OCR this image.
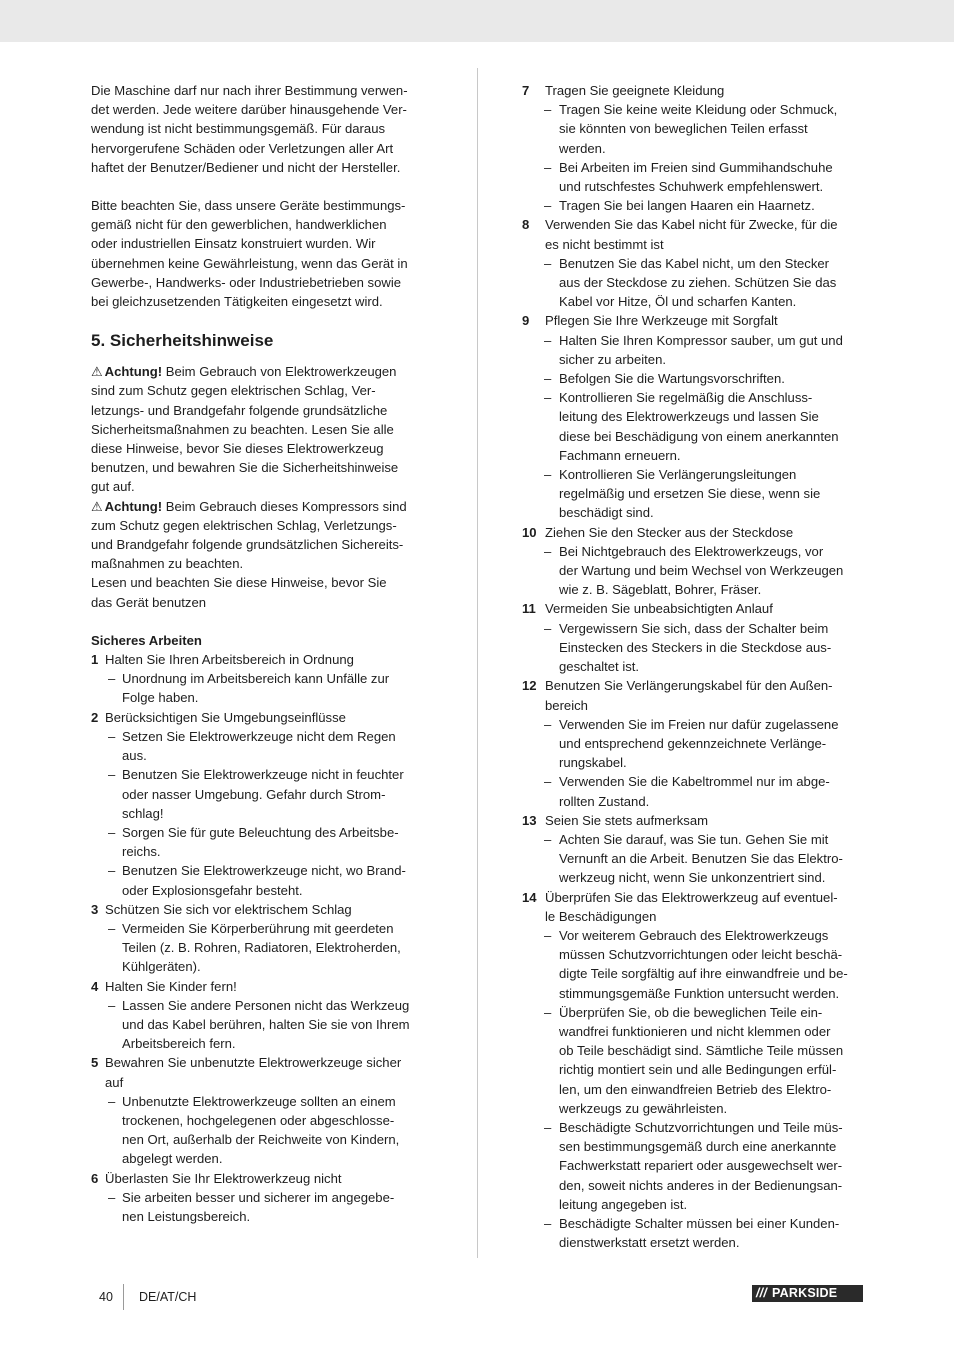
Die Maschine darf nur nach ihrer Bestimmung verwen-
det werden. Jede weitere darüber hinausgehende Ver-
wendung ist nicht bestimmungsgemäß. Für daraus
hervorgerufene Schäden oder Verletzungen aller Art
haftet der Benutzer/Bediener und nicht der Hersteller.

Bitte beachten Sie, dass unsere Geräte bestimmungs-
gemäß nicht für den gewerblichen, handwerklichen
oder industriellen Einsatz konstruiert wurden. Wir
übernehmen keine Gewährleistung, wenn das Gerät in
Gewerbe-, Handwerks- oder Industriebetrieben sowie
bei gleichzusetzenden Tätigkeiten eingesetzt wird.

5. Sicherheitshinweise

⚠ Achtung! Beim Gebrauch von Elektrowerkzeugen
sind zum Schutz gegen elektrischen Schlag, Ver-
letzungs- und Brandgefahr folgende grundsätzliche
Sicherheitsmaßnahmen zu beachten. Lesen Sie alle
diese Hinweise, bevor Sie dieses Elektrowerkzeug
benutzen, und bewahren Sie die Sicherheitshinweise
gut auf.

⚠ Achtung! Beim Gebrauch dieses Kompressors sind
zum Schutz gegen elektrischen Schlag, Verletzungs-
und Brandgefahr folgende grundsätzlichen Sichereits-
maßnahmen zu beachten.
Lesen und beachten Sie diese Hinweise, bevor Sie
das Gerät benutzen

Sicheres Arbeiten

1 Halten Sie Ihren Arbeitsbereich in Ordnung
– Unordnung im Arbeitsbereich kann Unfälle zur
Folge haben.
2 Berücksichtigen Sie Umgebungseinflüsse
– Setzen Sie Elektrowerkzeuge nicht dem Regen
aus.
– Benutzen Sie Elektrowerkzeuge nicht in feuchter
oder nasser Umgebung. Gefahr durch Strom-
schlag!
– Sorgen Sie für gute Beleuchtung des Arbeitsbe-
reichs.
– Benutzen Sie Elektrowerkzeuge nicht, wo Brand-
oder Explosionsgefahr besteht.
3 Schützen Sie sich vor elektrischem Schlag
– Vermeiden Sie Körperberührung mit geerdeten
Teilen (z. B. Rohren, Radiatoren, Elektroherden,
Kühlgeräten).
4 Halten Sie Kinder fern!
– Lassen Sie andere Personen nicht das Werkzeug
und das Kabel berühren, halten Sie sie von Ihrem
Arbeitsbereich fern.
5 Bewahren Sie unbenutzte Elektrowerkzeuge sicher
auf
– Unbenutzte Elektrowerkzeuge sollten an einem
trockenen, hochgelegenen oder abgeschlosse-
nen Ort, außerhalb der Reichweite von Kindern,
abgelegt werden.
6 Überlasten Sie Ihr Elektrowerkzeug nicht
– Sie arbeiten besser und sicherer im angegebe-
nen Leistungsbereich.
7 Tragen Sie geeignete Kleidung
– Tragen Sie keine weite Kleidung oder Schmuck,
sie könnten von beweglichen Teilen erfasst
werden.
– Bei Arbeiten im Freien sind Gummihandschuhe
und rutschfestes Schuhwerk empfehlenswert.
– Tragen Sie bei langen Haaren ein Haarnetz.
8 Verwenden Sie das Kabel nicht für Zwecke, für die
es nicht bestimmt ist
– Benutzen Sie das Kabel nicht, um den Stecker
aus der Steckdose zu ziehen. Schützen Sie das
Kabel vor Hitze, Öl und scharfen Kanten.
9 Pflegen Sie Ihre Werkzeuge mit Sorgfalt
– Halten Sie Ihren Kompressor sauber, um gut und
sicher zu arbeiten.
– Befolgen Sie die Wartungsvorschriften.
– Kontrollieren Sie regelmäßig die Anschluss-
leitung des Elektrowerkzeugs und lassen Sie
diese bei Beschädigung von einem anerkannten
Fachmann erneuern.
– Kontrollieren Sie Verlängerungsleitungen
regelmäßig und ersetzen Sie diese, wenn sie
beschädigt sind.
10 Ziehen Sie den Stecker aus der Steckdose
– Bei Nichtgebrauch des Elektrowerkzeugs, vor
der Wartung und beim Wechsel von Werkzeugen
wie z. B. Sägeblatt, Bohrer, Fräser.
11 Vermeiden Sie unbeabsichtigten Anlauf
– Vergewissern Sie sich, dass der Schalter beim
Einstecken des Steckers in die Steckdose aus-
geschaltet ist.
12 Benutzen Sie Verlängerungskabel für den Außen-
bereich
– Verwenden Sie im Freien nur dafür zugelassene
und entsprechend gekennzeichnete Verlänge-
rungskabel.
– Verwenden Sie die Kabeltrommel nur im abge-
rollten Zustand.
13 Seien Sie stets aufmerksam
– Achten Sie darauf, was Sie tun. Gehen Sie mit
Vernunft an die Arbeit. Benutzen Sie das Elektro-
werkzeug nicht, wenn Sie unkonzentriert sind.
14 Überprüfen Sie das Elektrowerkzeug auf eventuel-
le Beschädigungen
– Vor weiterem Gebrauch des Elektrowerkzeugs
müssen Schutzvorrichtungen oder leicht beschä-
digte Teile sorgfältig auf ihre einwandfreie und be-
stimmungsgemäße Funktion untersucht werden.
– Überprüfen Sie, ob die beweglichen Teile ein-
wandfrei funktionieren und nicht klemmen oder
ob Teile beschädigt sind. Sämtliche Teile müssen
richtig montiert sein und alle Bedingungen erfül-
len, um den einwandfreien Betrieb des Elektro-
werkzeugs zu gewährleisten.
– Beschädigte Schutzvorrichtungen und Teile müs-
sen bestimmungsgemäß durch eine anerkannte
Fachwerkstatt repariert oder ausgewechselt wer-
den, soweit nichts anderes in der Bedienungsan-
leitung angegeben ist.
– Beschädigte Schalter müssen bei einer Kunden-
dienstwerkstatt ersetzt werden.
40 DE/AT/CH	/// PARKSIDE
